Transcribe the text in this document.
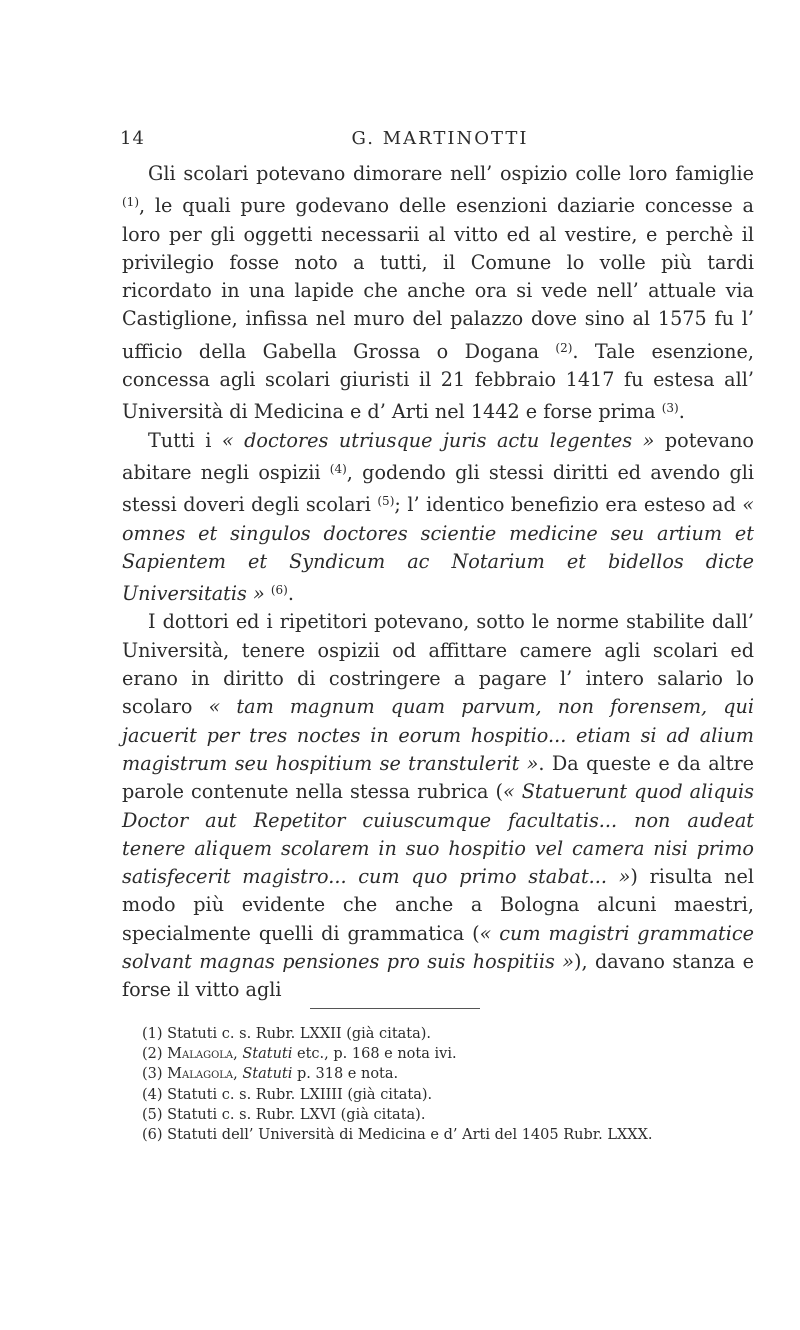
14	G. MARTINOTTI

Gli scolari potevano dimorare nell’ ospizio colle loro famiglie $^{(1)}$, le quali pure godevano delle esenzioni daziarie concesse a loro per gli oggetti necessarii al vitto ed al vestire, e perchè il privilegio fosse noto a tutti, il Comune lo volle più tardi ricordato in una lapide che anche ora si vede nell’ attuale via Castiglione, infissa nel muro del palazzo dove sino al 1575 fu l’ ufficio della Gabella Grossa o Dogana $^{(2)}$. Tale esenzione, concessa agli scolari giuristi il 21 febbraio 1417 fu estesa all’ Università di Medicina e d’ Arti nel 1442 e forse prima $^{(3)}$.

Tutti i « doctores utriusque juris actu legentes » potevano abitare negli ospizii $^{(4)}$, godendo gli stessi diritti ed avendo gli stessi doveri degli scolari $^{(5)}$; l’ identico benefizio era esteso ad « omnes et singulos doctores scientie medicine seu artium et Sapientem et Syndicum ac Notarium et bidellos dicte Universitatis » $^{(6)}$.

I dottori ed i ripetitori potevano, sotto le norme stabilite dall’ Università, tenere ospizii od affittare camere agli scolari ed erano in diritto di costringere a pagare l’ intero salario lo scolaro « tam magnum quam parvum, non forensem, qui jacuerit per tres noctes in eorum hospitio... etiam si ad alium magistrum seu hospitium se transtulerit ». Da queste e da altre parole contenute nella stessa rubrica (« Statuerunt quod aliquis Doctor aut Repetitor cuiuscumque facultatis... non audeat tenere aliquem scolarem in suo hospitio vel camera nisi primo satisfecerit magistro... cum quo primo stabat... ») risulta nel modo più evidente che anche a Bologna alcuni maestri, specialmente quelli di grammatica (« cum magistri grammatice solvant magnas pensiones pro suis hospitiis »), davano stanza e forse il vitto agli

(1) Statuti c. s. Rubr. LXXII (già citata).
(2) Malagola, Statuti etc., p. 168 e nota ivi.
(3) Malagola, Statuti p. 318 e nota.
(4) Statuti c. s. Rubr. LXIIII (già citata).
(5) Statuti c. s. Rubr. LXVI (già citata).
(6) Statuti dell’ Università di Medicina e d’ Arti del 1405 Rubr. LXXX.
